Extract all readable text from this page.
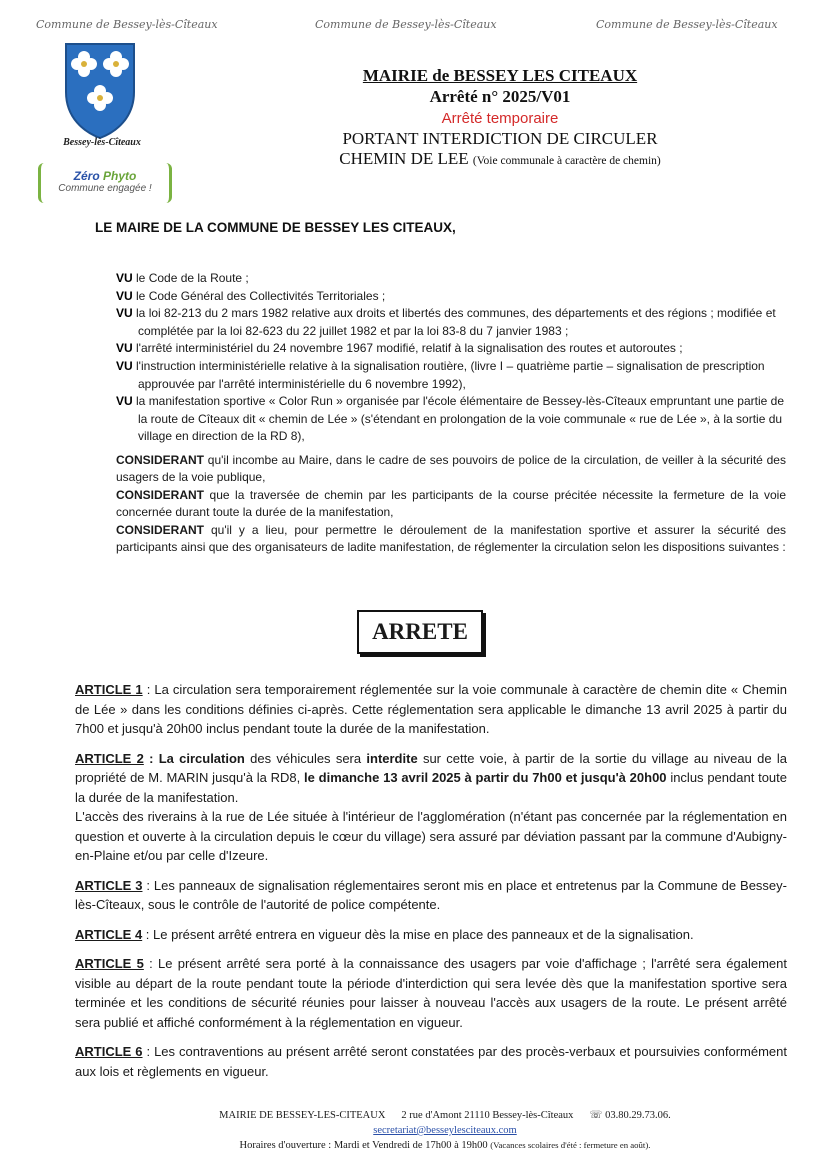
Commune de Bessey-lès-Cîteaux	Commune de Bessey-lès-Cîteaux	Commune de Bessey-lès-Cîteaux
Bessey-lès-Cîteaux
Zéro Phyto
Commune engagée !
MAIRIE de BESSEY LES CITEAUX
Arrêté n° 2025/V01
Arrêté temporaire
PORTANT INTERDICTION DE CIRCULER
CHEMIN DE LEE (Voie communale à caractère de chemin)
LE MAIRE DE LA COMMUNE DE BESSEY LES CITEAUX,

VU le Code de la Route ;

VU le Code Général des Collectivités Territoriales ;

VU la loi 82-213 du 2 mars 1982 relative aux droits et libertés des communes, des départements et des régions ; modifiée et complétée par la loi 82-623 du 22 juillet 1982 et par la loi 83-8 du 7 janvier 1983 ;

VU l'arrêté interministériel du 24 novembre 1967 modifié, relatif à la signalisation des routes et autoroutes ;

VU l'instruction interministérielle relative à la signalisation routière, (livre I – quatrième partie – signalisation de prescription approuvée par l'arrêté interministérielle du 6 novembre 1992),

VU la manifestation sportive « Color Run » organisée par l'école élémentaire de Bessey-lès-Cîteaux empruntant une partie de la route de Cîteaux dit « chemin de Lée » (s'étendant en prolongation de la voie communale « rue de Lée », à la sortie du village en direction de la RD 8),

CONSIDERANT qu'il incombe au Maire, dans le cadre de ses pouvoirs de police de la circulation, de veiller à la sécurité des usagers de la voie publique,

CONSIDERANT que la traversée de chemin par les participants de la course précitée nécessite la fermeture de la voie concernée durant toute la durée de la manifestation,

CONSIDERANT qu'il y a lieu, pour permettre le déroulement de la manifestation sportive et assurer la sécurité des participants ainsi que des organisateurs de ladite manifestation, de réglementer la circulation selon les dispositions suivantes :

ARRETE

ARTICLE 1 : La circulation sera temporairement réglementée sur la voie communale à caractère de chemin dite « Chemin de Lée » dans les conditions définies ci-après. Cette réglementation sera applicable le dimanche 13 avril 2025 à partir du 7h00 et jusqu'à 20h00 inclus pendant toute la durée de la manifestation.

ARTICLE 2 : La circulation des véhicules sera interdite sur cette voie, à partir de la sortie du village au niveau de la propriété de M. MARIN jusqu'à la RD8, le dimanche 13 avril 2025 à partir du 7h00 et jusqu'à 20h00 inclus pendant toute la durée de la manifestation.

L'accès des riverains à la rue de Lée située à l'intérieur de l'agglomération (n'étant pas concernée par la réglementation en question et ouverte à la circulation depuis le cœur du village) sera assuré par déviation passant par la commune d'Aubigny-en-Plaine et/ou par celle d'Izeure.

ARTICLE 3 : Les panneaux de signalisation réglementaires seront mis en place et entretenus par la Commune de Bessey-lès-Cîteaux, sous le contrôle de l'autorité de police compétente.

ARTICLE 4 : Le présent arrêté entrera en vigueur dès la mise en place des panneaux et de la signalisation.

ARTICLE 5 : Le présent arrêté sera porté à la connaissance des usagers par voie d'affichage ; l'arrêté sera également visible au départ de la route pendant toute la période d'interdiction qui sera levée dès que la manifestation sportive sera terminée et les conditions de sécurité réunies pour laisser à nouveau l'accès aux usagers de la route. Le présent arrêté sera publié et affiché conformément à la réglementation en vigueur.

ARTICLE 6 : Les contraventions au présent arrêté seront constatées par des procès-verbaux et poursuivies conformément aux lois et règlements en vigueur.

MAIRIE DE BESSEY-LES-CITEAUX 2 rue d'Amont 21110 Bessey-lès-Cîteaux ☏ 03.80.29.73.06.
secretariat@besseylesciteaux.com
Horaires d'ouverture : Mardi et Vendredi de 17h00 à 19h00 (Vacances scolaires d'été : fermeture en août).
